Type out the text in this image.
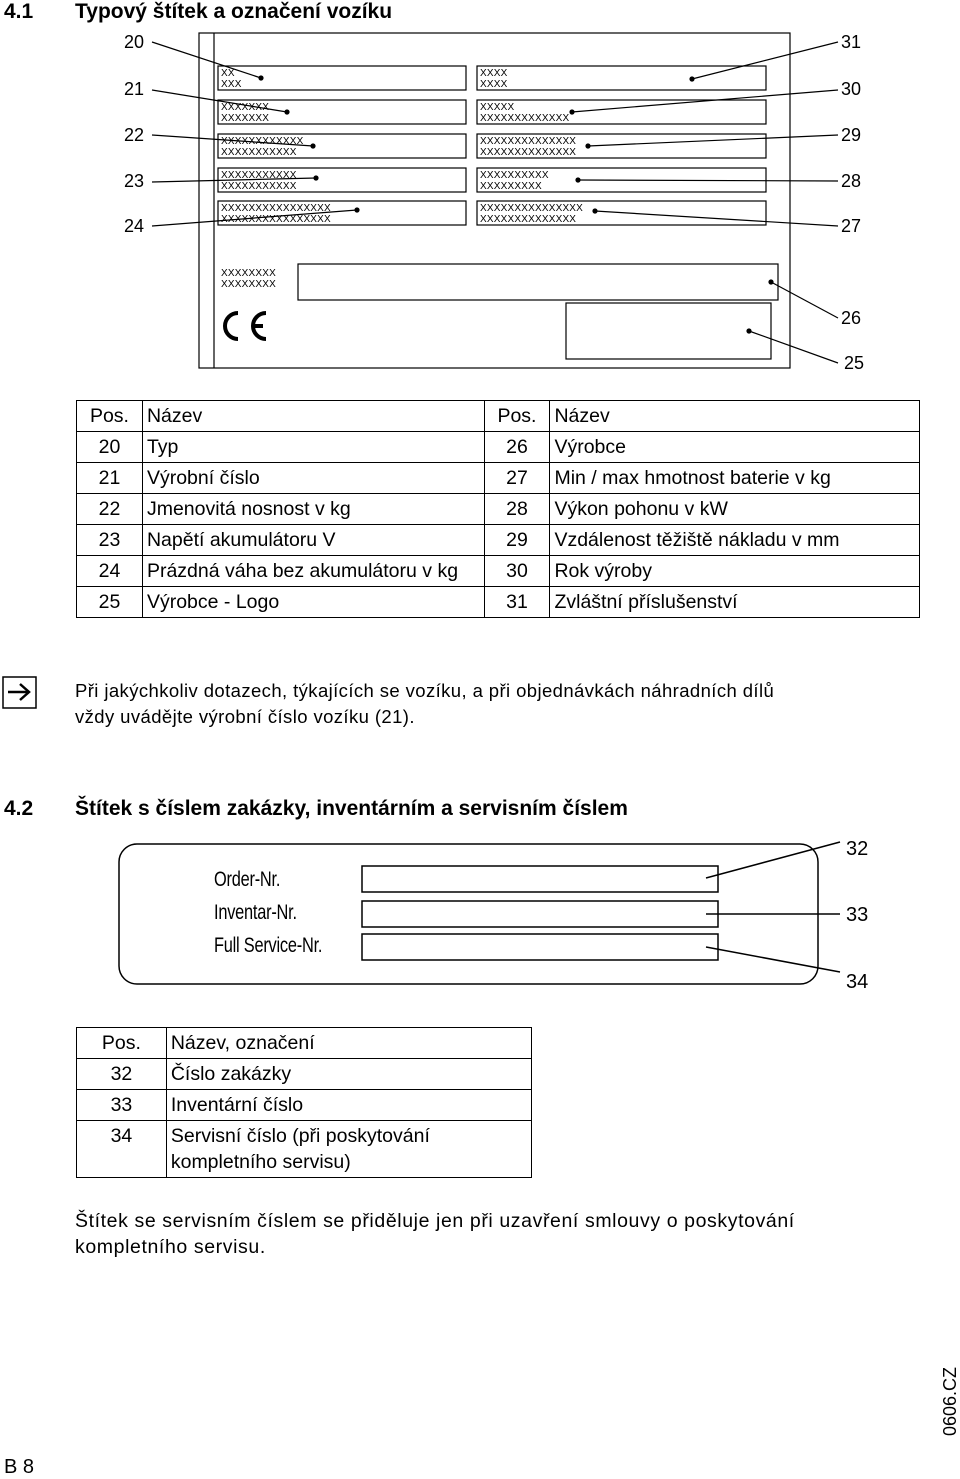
4.1 Typový štítek a označení vozíku
20
21
22
23
24
31
30
29
28
27
26
25
XX
XXX
XXXXXXX
XXXXXXX
XXXXXXXXXXXX
XXXXXXXXXXX
XXXXXXXXXXX
XXXXXXXXXXX
XXXXXXXXXXXXXXXX
XXXXXXXXXXXXXXXX
XXXXXXXX
XXXXXXXX
XXXX
XXXX
XXXXX
XXXXXXXXXXXXX
XXXXXXXXXXXXXX
XXXXXXXXXXXXXX
XXXXXXXXXX
XXXXXXXXX
XXXXXXXXXXXXXXX
XXXXXXXXXXXXXX
Pos.	Název	Pos.	Název
20	Typ	26	Výrobce
21	Výrobní číslo	27	Min / max hmotnost baterie v kg
22	Jmenovitá nosnost v kg	28	Výkon pohonu v kW
23	Napětí akumulátoru V	29	Vzdálenost těžiště nákladu v mm
24	Prázdná váha bez akumulátoru v kg	30	Rok výroby
25	Výrobce - Logo	31	Zvláštní příslušenství
Při jakýchkoliv dotazech, týkajících se vozíku, a při objednávkách náhradních dílů
vždy uvádějte výrobní číslo vozíku (21).
4.2 Štítek s číslem zakázky, inventárním a servisním číslem
Order-Nr.
Inventar-Nr.
Full Service-Nr.
32
33
34
Pos.	Název, označení
32	Číslo zakázky
33	Inventární číslo
34	Servisní číslo (při poskytování kompletního servisu)
Štítek se servisním číslem se přiděluje jen při uzavření smlouvy o poskytování
kompletního servisu.
B 8
0606.CZ
